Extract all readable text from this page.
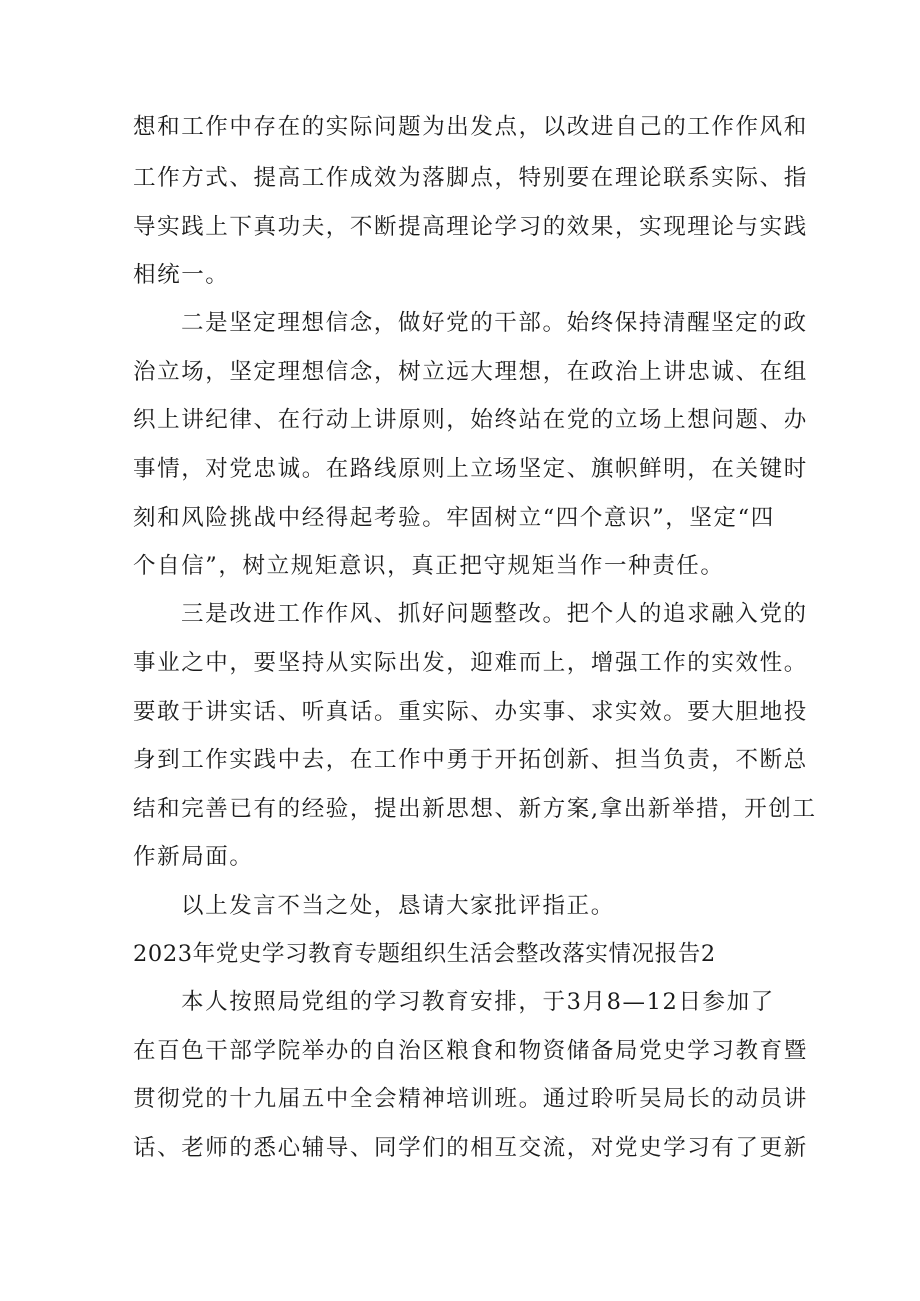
想和工作中存在的实际问题为出发点，以改进自己的工作作风和
工作方式、提高工作成效为落脚点，特别要在理论联系实际、指
导实践上下真功夫，不断提高理论学习的效果，实现理论与实践
相统一。
二是坚定理想信念，做好党的干部。始终保持清醒坚定的政
治立场，坚定理想信念，树立远大理想，在政治上讲忠诚、在组
织上讲纪律、在行动上讲原则，始终站在党的立场上想问题、办
事情，对党忠诚。在路线原则上立场坚定、旗帜鲜明，在关键时
刻和风险挑战中经得起考验。牢固树立“四个意识”，坚定“四
个自信”，树立规矩意识，真正把守规矩当作一种责任。
三是改进工作作风、抓好问题整改。把个人的追求融入党的
事业之中，要坚持从实际出发，迎难而上，增强工作的实效性。
要敢于讲实话、听真话。重实际、办实事、求实效。要大胆地投
身到工作实践中去，在工作中勇于开拓创新、担当负责，不断总
结和完善已有的经验，提出新思想、新方案,拿出新举措，开创工
作新局面。
以上发言不当之处，恳请大家批评指正。
2023年党史学习教育专题组织生活会整改落实情况报告2
本人按照局党组的学习教育安排，于3月8—12日参加了
在百色干部学院举办的自治区粮食和物资储备局党史学习教育暨
贯彻党的十九届五中全会精神培训班。通过聆听吴局长的动员讲
话、老师的悉心辅导、同学们的相互交流，对党史学习有了更新
